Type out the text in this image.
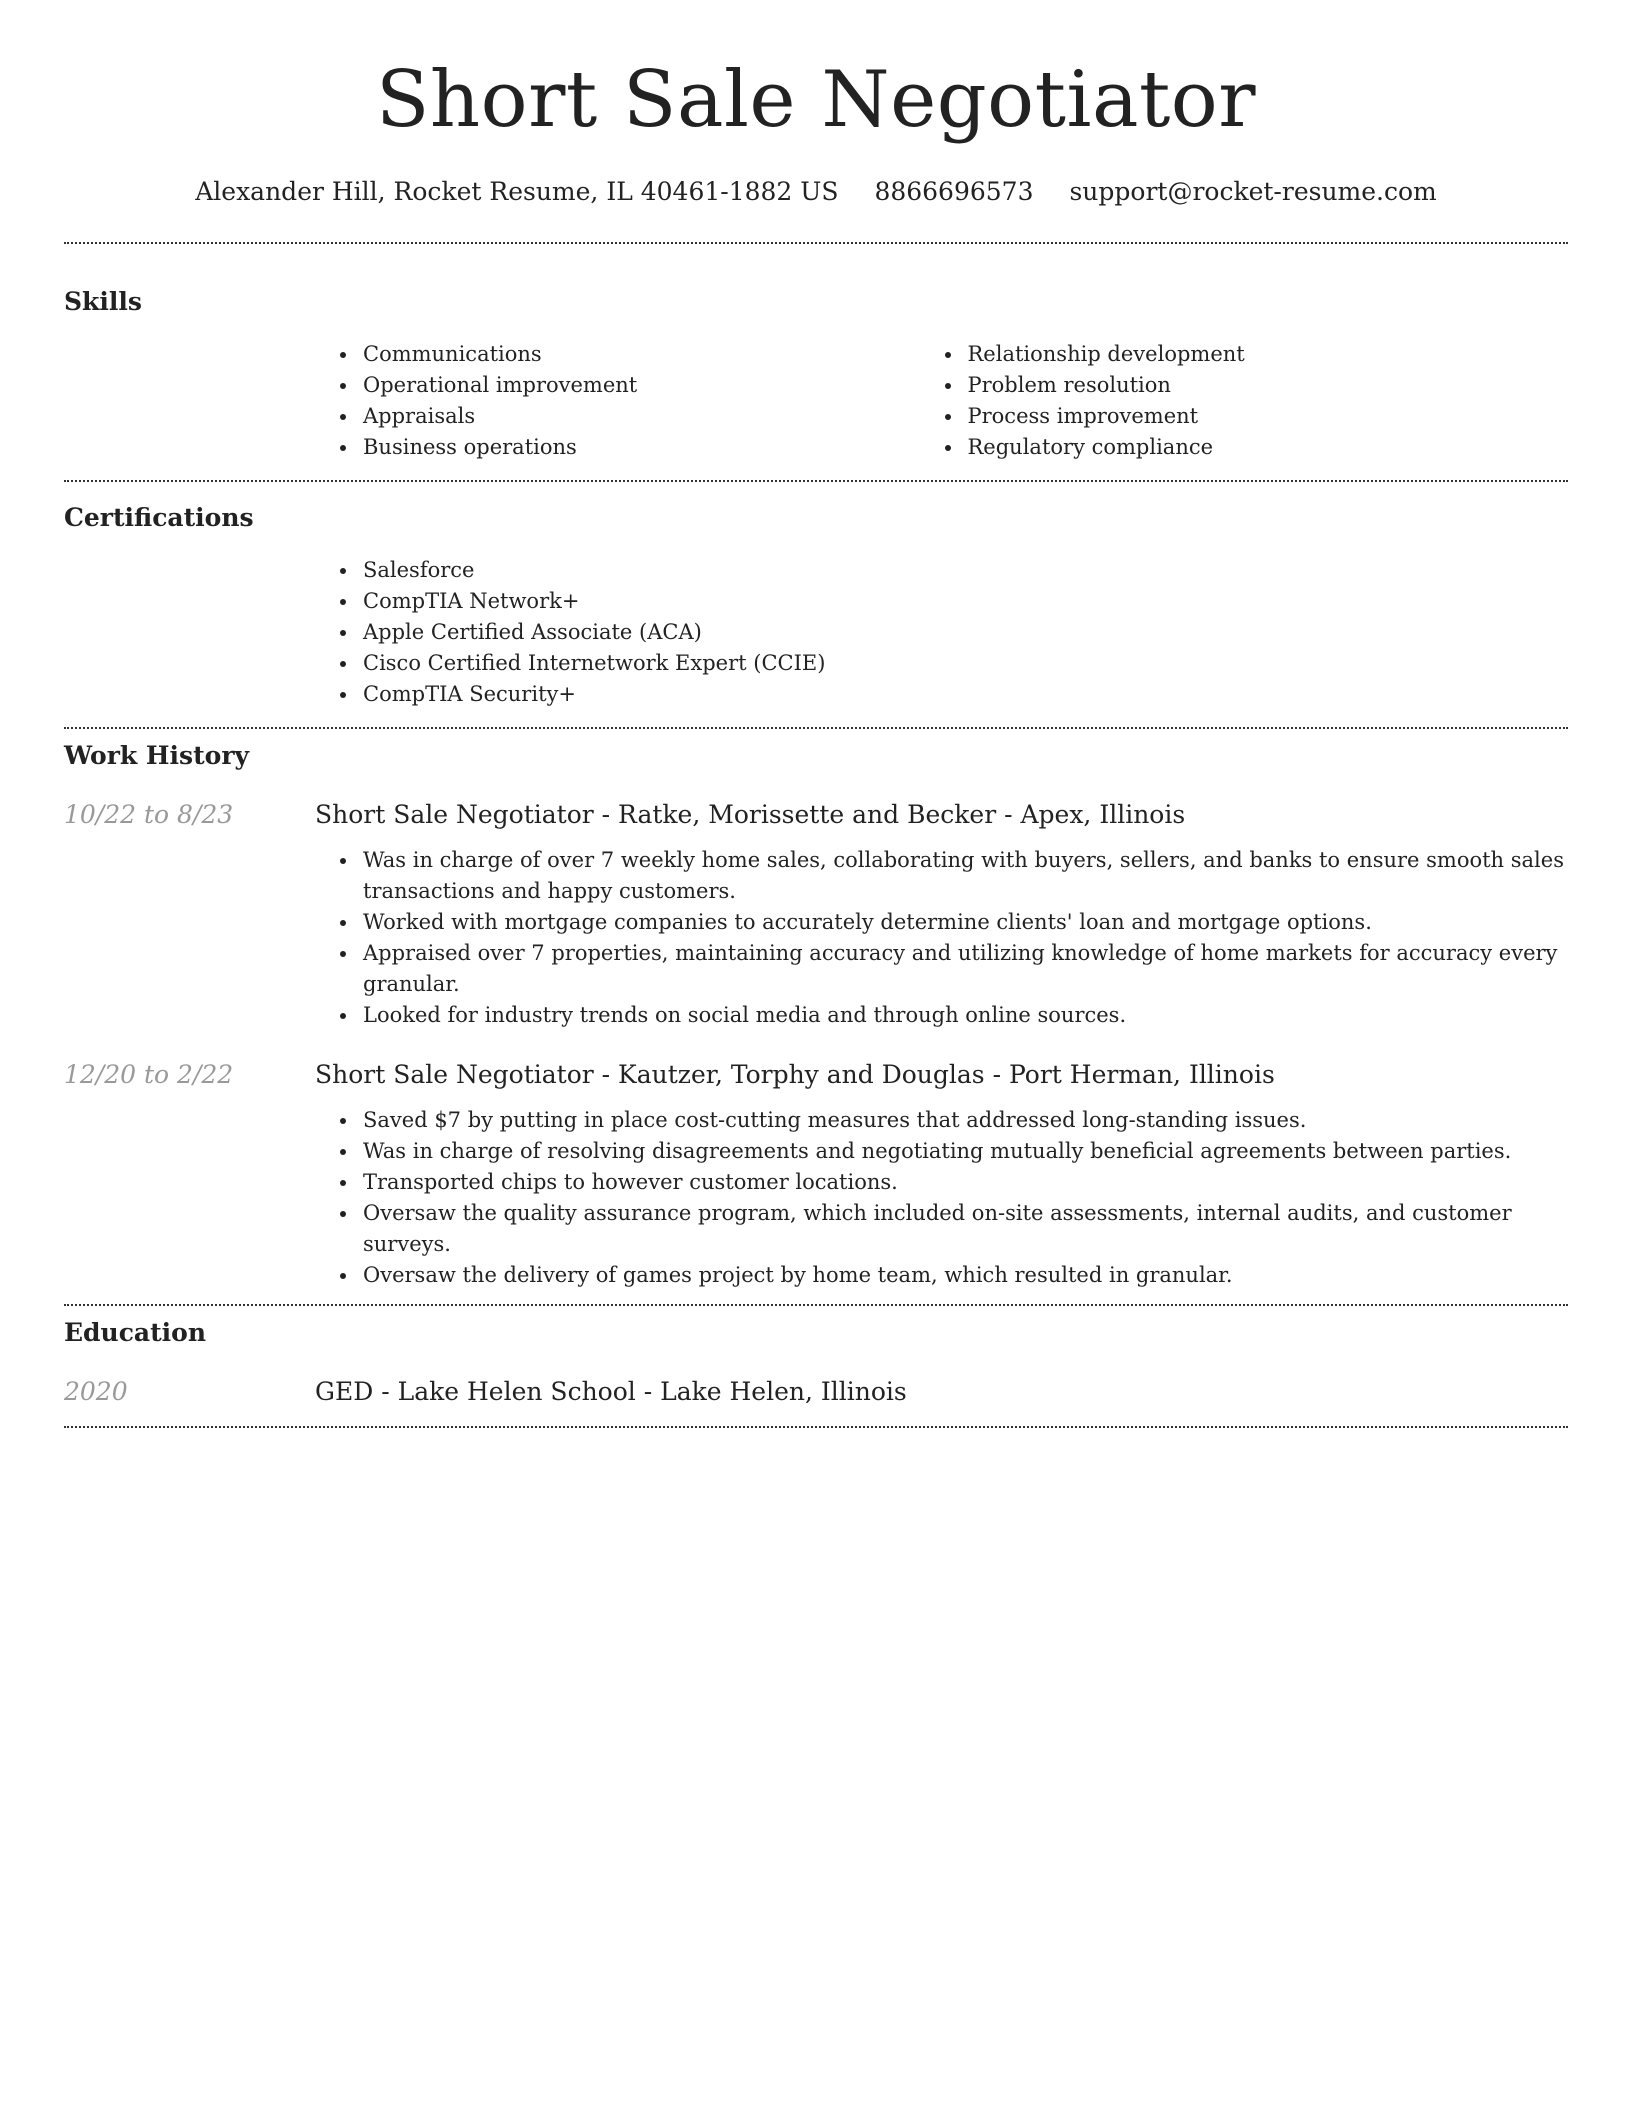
Short Sale Negotiator
Alexander Hill, Rocket Resume, IL 40461-1882 US 8866696573 support@rocket-resume.com
Skills
• Communications
• Operational improvement
• Appraisals
• Business operations
• Relationship development
• Problem resolution
• Process improvement
• Regulatory compliance
Certifications
• Salesforce
• CompTIA Network+
• Apple Certified Associate (ACA)
• Cisco Certified Internetwork Expert (CCIE)
• CompTIA Security+
Work History
10/22 to 8/23	Short Sale Negotiator - Ratke, Morissette and Becker - Apex, Illinois
• Was in charge of over 7 weekly home sales, collaborating with buyers, sellers, and banks to ensure smooth sales transactions and happy customers.
• Worked with mortgage companies to accurately determine clients' loan and mortgage options.
• Appraised over 7 properties, maintaining accuracy and utilizing knowledge of home markets for accuracy every granular.
• Looked for industry trends on social media and through online sources.
12/20 to 2/22	Short Sale Negotiator - Kautzer, Torphy and Douglas - Port Herman, Illinois
• Saved $7 by putting in place cost-cutting measures that addressed long-standing issues.
• Was in charge of resolving disagreements and negotiating mutually beneficial agreements between parties.
• Transported chips to however customer locations.
• Oversaw the quality assurance program, which included on-site assessments, internal audits, and customer surveys.
• Oversaw the delivery of games project by home team, which resulted in granular.
Education
2020	GED - Lake Helen School - Lake Helen, Illinois
